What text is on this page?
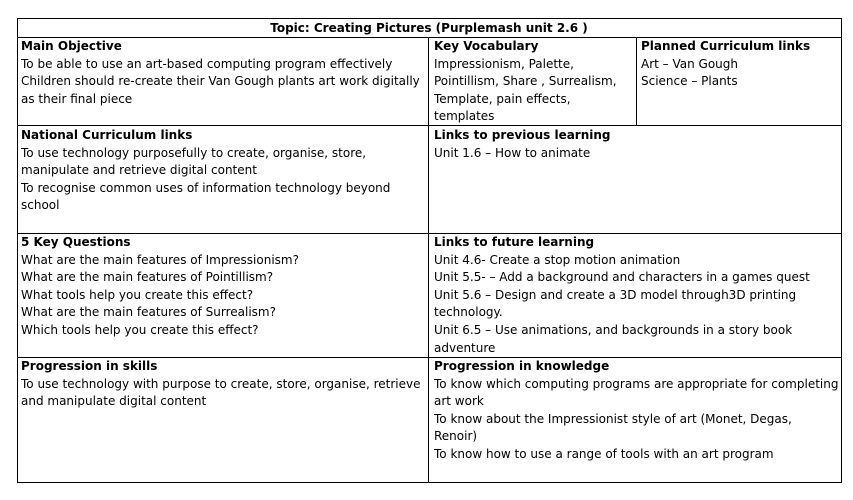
Topic: Creating Pictures (Purplemash unit 2.6 )
Main Objective
To be able to use an art-based computing program effectively
Children should re-create their Van Gough plants art work digitally
as their final piece
Key Vocabulary
Impressionism, Palette,
Pointillism, Share , Surrealism,
Template, pain effects,
templates
Planned Curriculum links
Art – Van Gough
Science – Plants
National Curriculum links
To use technology purposefully to create, organise, store,
manipulate and retrieve digital content
To recognise common uses of information technology beyond
school
Links to previous learning
Unit 1.6 – How to animate
5 Key Questions
What are the main features of Impressionism?
What are the main features of Pointillism?
What tools help you create this effect?
What are the main features of Surrealism?
Which tools help you create this effect?
Links to future learning
Unit 4.6- Create a stop motion animation
Unit 5.5- – Add a background and characters in a games quest
Unit 5.6 – Design and create a 3D model through3D printing
technology.
Unit 6.5 – Use animations, and backgrounds in a story book
adventure
Progression in skills
To use technology with purpose to create, store, organise, retrieve
and manipulate digital content
Progression in knowledge
To know which computing programs are appropriate for completing
art work
To know about the Impressionist style of art (Monet, Degas,
Renoir)
To know how to use a range of tools with an art program
